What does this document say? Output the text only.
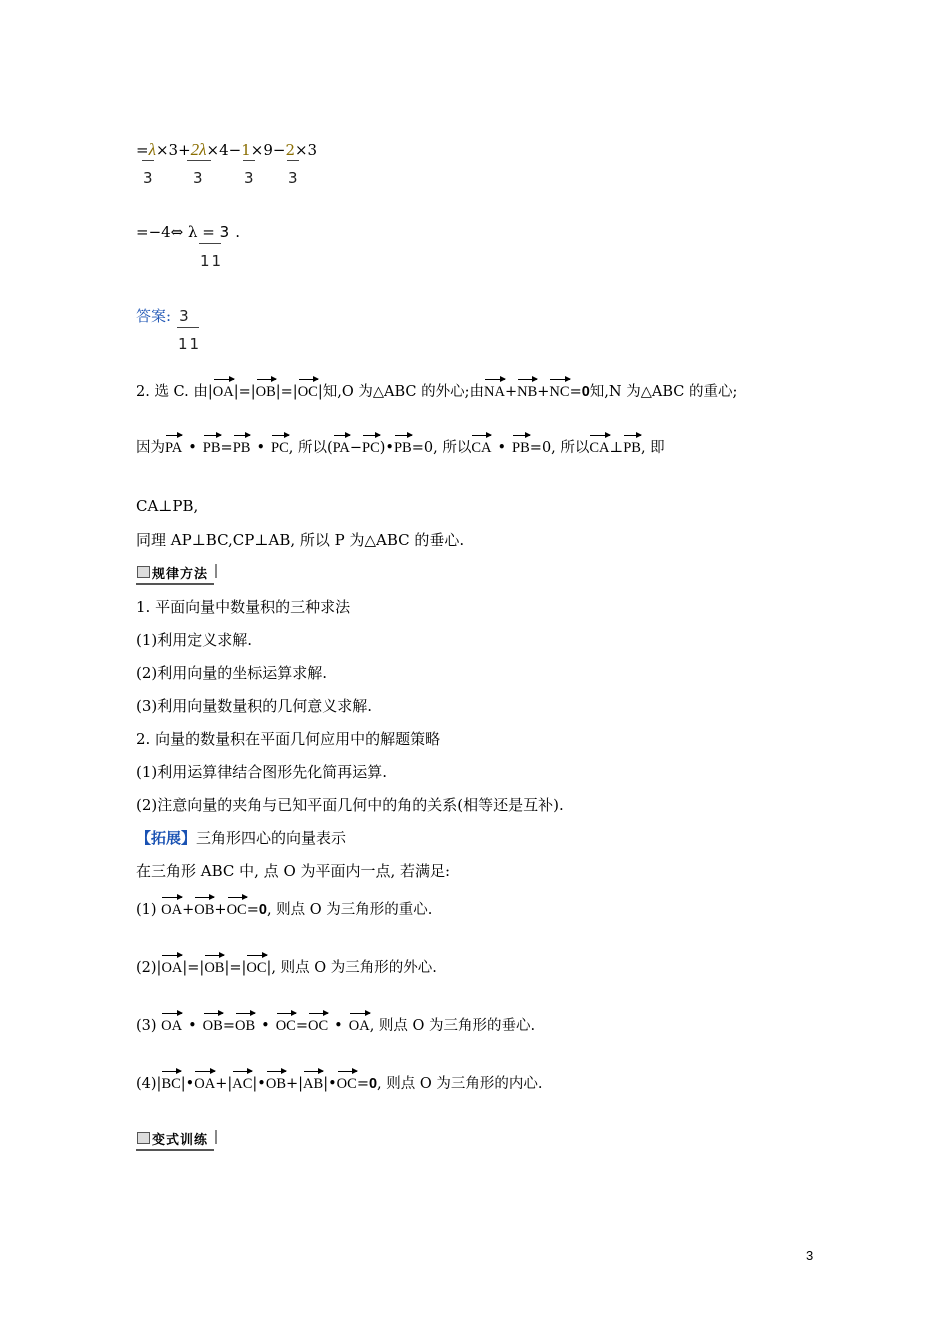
=λ×3+2λ×4−1×9−2×3
3	3	3 3
=−4⇔ λ = 3 .
11
答案: 3
11
2. 选 C. 由|OA|=|OB|=|OC|知,O 为△ABC 的外心;由NA+NB+NC=0知,N 为△ABC 的重心;
因为PA • PB=PB • PC, 所以(PA−PC)•PB=0, 所以CA • PB=0, 所以CA⊥PB, 即
CA⊥PB,
同理 AP⊥BC,CP⊥AB, 所以 P 为△ABC 的垂心.
规律方法
1. 平面向量中数量积的三种求法
(1)利用定义求解.
(2)利用向量的坐标运算求解.
(3)利用向量数量积的几何意义求解.
2. 向量的数量积在平面几何应用中的解题策略
(1)利用运算律结合图形先化简再运算.
(2)注意向量的夹角与已知平面几何中的角的关系(相等还是互补).
【拓展】三角形四心的向量表示
在三角形 ABC 中, 点 O 为平面内一点, 若满足:
(1) OA+OB+OC=0, 则点 O 为三角形的重心.
(2)|OA|=|OB|=|OC|, 则点 O 为三角形的外心.
(3) OA • OB=OB • OC=OC • OA, 则点 O 为三角形的垂心.
(4)|BC|•OA+|AC|•OB+|AB|•OC=0, 则点 O 为三角形的内心.
变式训练
3
